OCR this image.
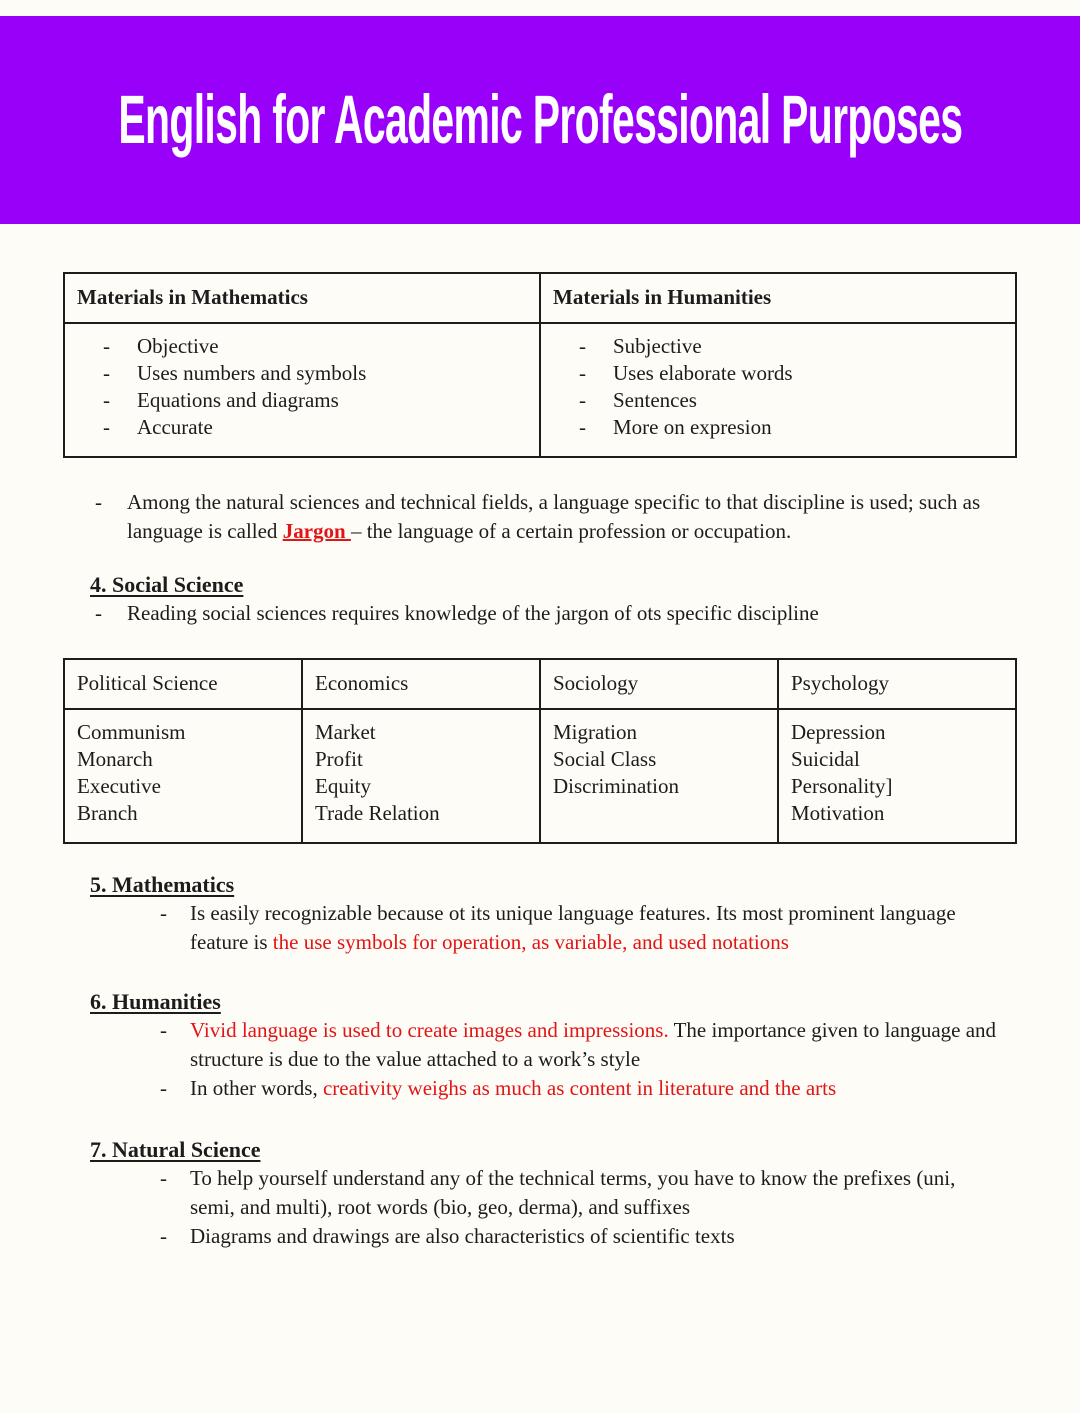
English for Academic Professional Purposes
Materials in Mathematics	Materials in Humanities

- Objective
- Uses numbers and symbols
- Equations and diagrams
- Accurate

- Subjective
- Uses elaborate words
- Sentences
- More on expresion

- Among the natural sciences and technical fields, a language specific to that discipline is used; such as language is called Jargon – the language of a certain profession or occupation.

4. Social Science

- Reading social sciences requires knowledge of the jargon of ots specific discipline

Political Science	Economics	Sociology	Psychology

Communism
Monarch
Executive
Branch

Market
Profit
Equity
Trade Relation

Migration
Social Class
Discrimination

Depression
Suicidal
Personality]
Motivation
5. Mathematics

- Is easily recognizable because ot its unique language features. Its most prominent language feature is the use symbols for operation, as variable, and used notations

6. Humanities

- Vivid language is used to create images and impressions. The importance given to language and structure is due to the value attached to a work’s style

- In other words, creativity weighs as much as content in literature and the arts

7. Natural Science

- To help yourself understand any of the technical terms, you have to know the prefixes (uni, semi, and multi), root words (bio, geo, derma), and suffixes

- Diagrams and drawings are also characteristics of scientific texts
